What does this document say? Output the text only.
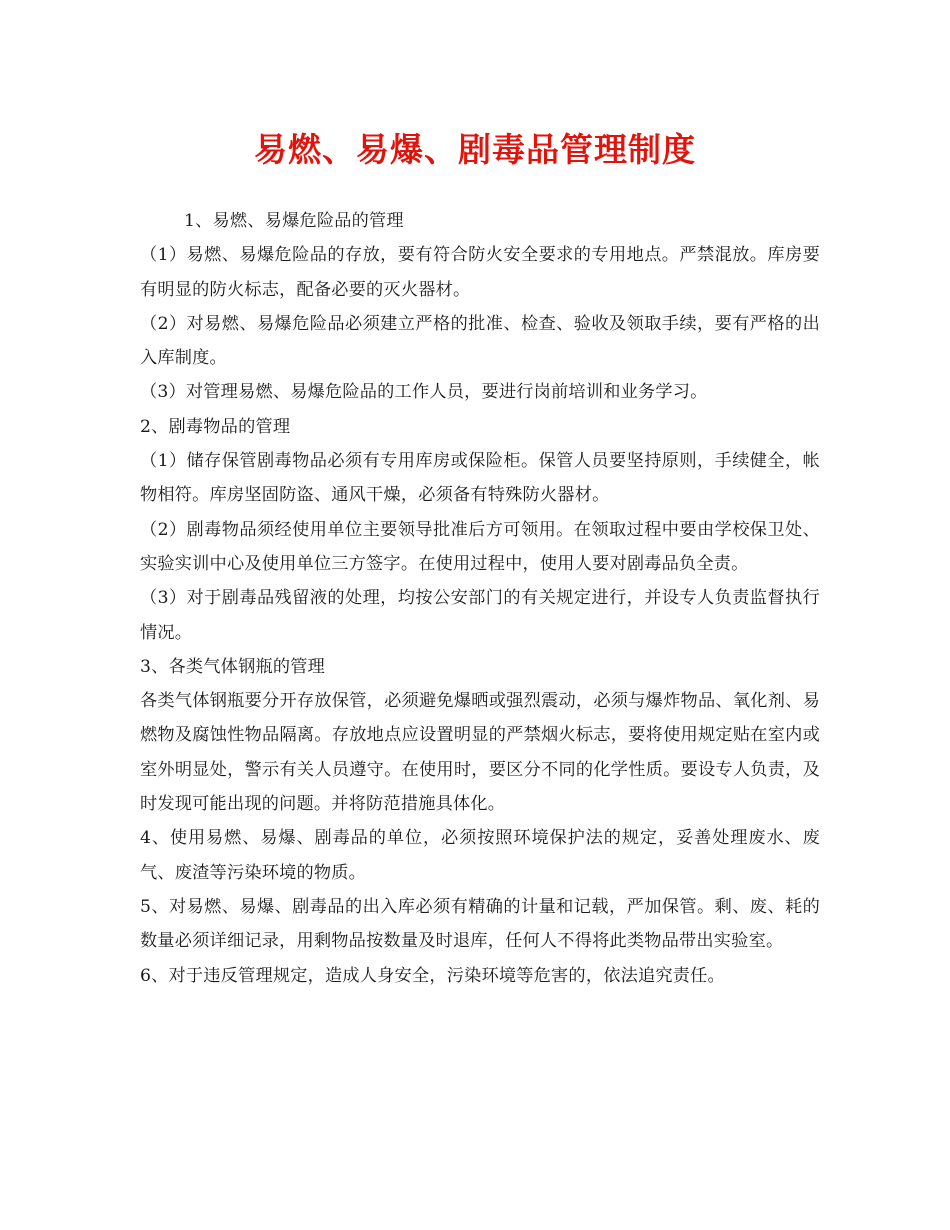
易燃、易爆、剧毒品管理制度

1、易燃、易爆危险品的管理

（1）易燃、易爆危险品的存放，要有符合防火安全要求的专用地点。严禁混放。库房要有明显的防火标志，配备必要的灭火器材。

（2）对易燃、易爆危险品必须建立严格的批准、检查、验收及领取手续，要有严格的出入库制度。

（3）对管理易燃、易爆危险品的工作人员，要进行岗前培训和业务学习。

2、剧毒物品的管理

（1）储存保管剧毒物品必须有专用库房或保险柜。保管人员要坚持原则，手续健全，帐物相符。库房坚固防盗、通风干燥，必须备有特殊防火器材。

（2）剧毒物品须经使用单位主要领导批准后方可领用。在领取过程中要由学校保卫处、实验实训中心及使用单位三方签字。在使用过程中，使用人要对剧毒品负全责。

（3）对于剧毒品残留液的处理，均按公安部门的有关规定进行，并设专人负责监督执行情况。

3、各类气体钢瓶的管理

各类气体钢瓶要分开存放保管，必须避免爆晒或强烈震动，必须与爆炸物品、氧化剂、易燃物及腐蚀性物品隔离。存放地点应设置明显的严禁烟火标志，要将使用规定贴在室内或室外明显处，警示有关人员遵守。在使用时，要区分不同的化学性质。要设专人负责，及时发现可能出现的问题。并将防范措施具体化。

4、使用易燃、易爆、剧毒品的单位，必须按照环境保护法的规定，妥善处理废水、废气、废渣等污染环境的物质。

5、对易燃、易爆、剧毒品的出入库必须有精确的计量和记载，严加保管。剩、废、耗的数量必须详细记录，用剩物品按数量及时退库，任何人不得将此类物品带出实验室。

6、对于违反管理规定，造成人身安全，污染环境等危害的，依法追究责任。
